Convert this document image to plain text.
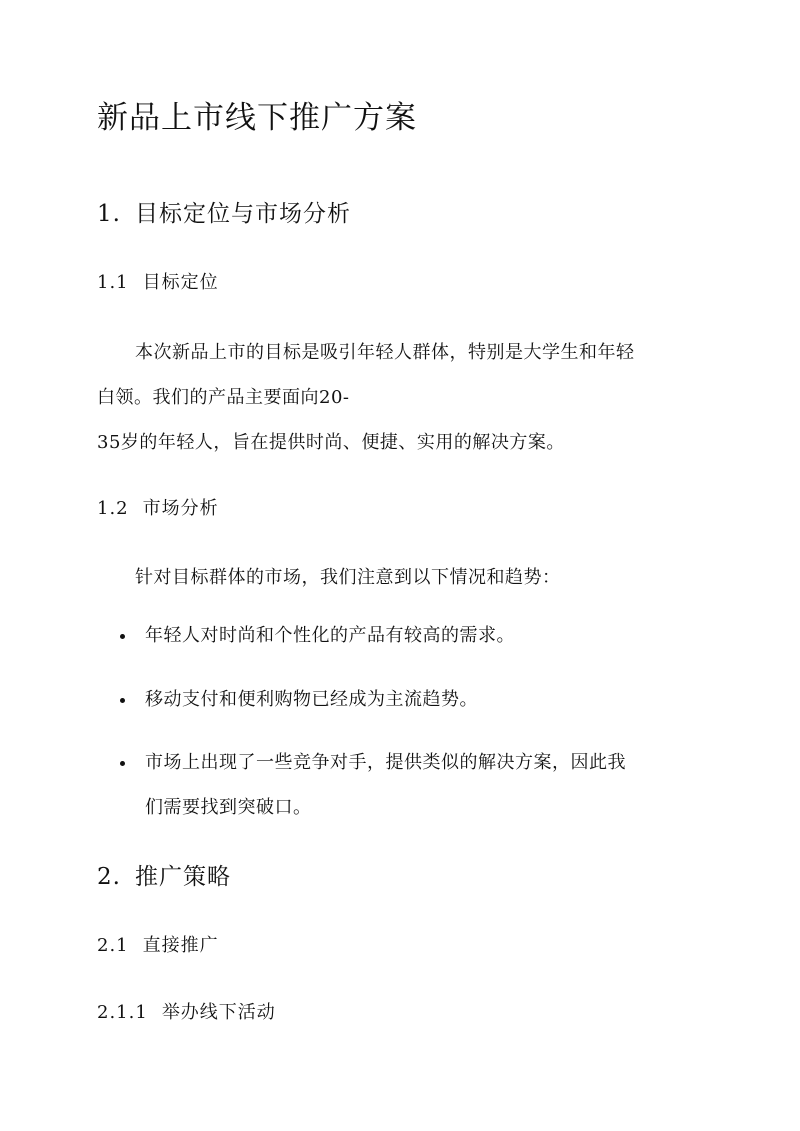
新品上市线下推广方案
1. 目标定位与市场分析
1.1 目标定位
本次新品上市的目标是吸引年轻人群体，特别是大学生和年轻
白领。我们的产品主要面向20-
35岁的年轻人，旨在提供时尚、便捷、实用的解决方案。
1.2 市场分析
针对目标群体的市场，我们注意到以下情况和趋势：
年轻人对时尚和个性化的产品有较高的需求。
移动支付和便利购物已经成为主流趋势。
市场上出现了一些竞争对手，提供类似的解决方案，因此我
们需要找到突破口。
2. 推广策略
2.1 直接推广
2.1.1 举办线下活动
